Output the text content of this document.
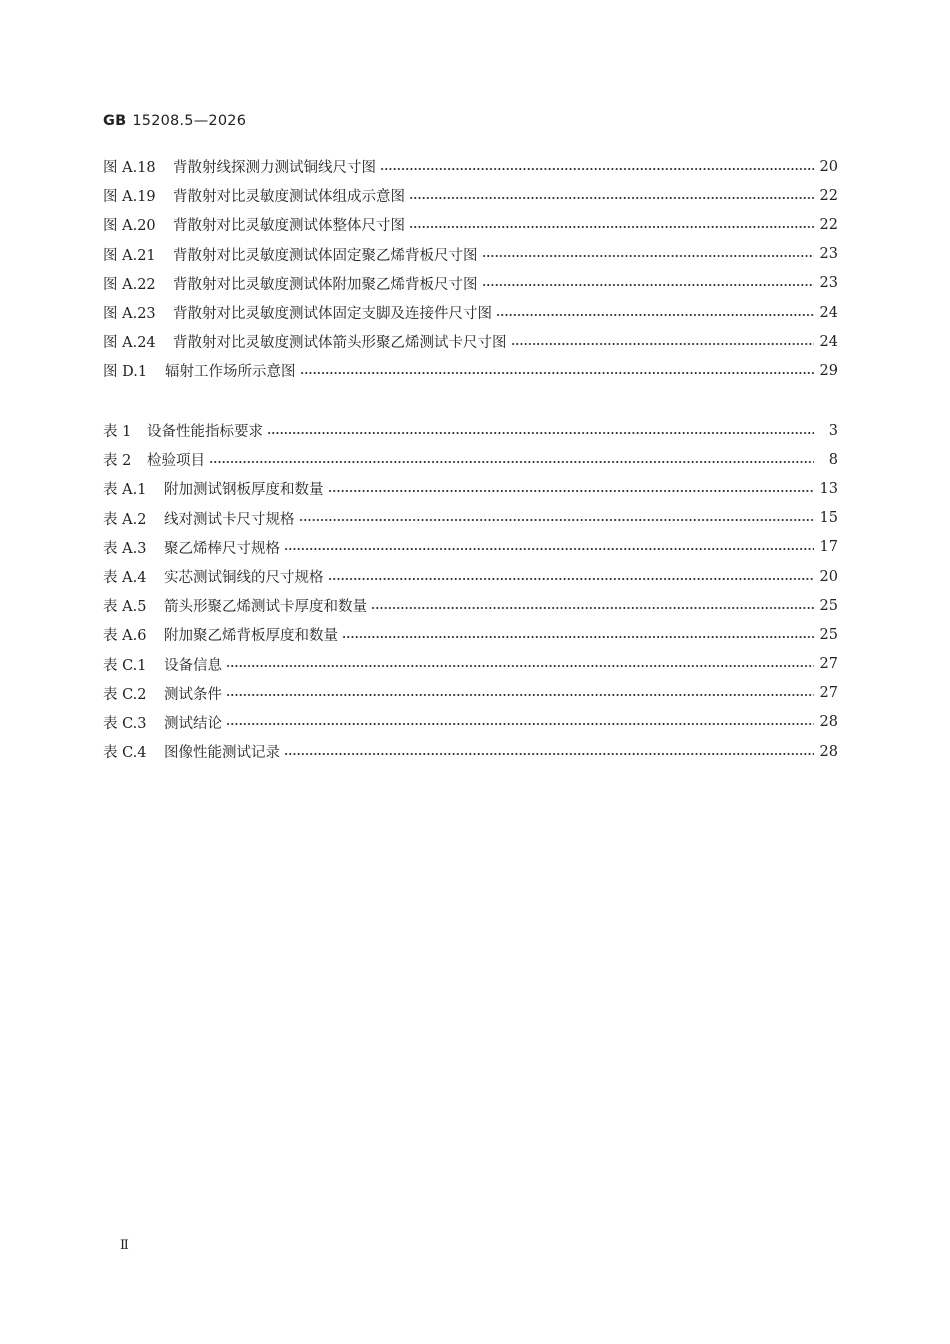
GB 15208.5—2026
图 A.18	背散射线探测力测试铜线尺寸图	20
图 A.19	背散射对比灵敏度测试体组成示意图	22
图 A.20	背散射对比灵敏度测试体整体尺寸图	22
图 A.21	背散射对比灵敏度测试体固定聚乙烯背板尺寸图	23
图 A.22	背散射对比灵敏度测试体附加聚乙烯背板尺寸图	23
图 A.23	背散射对比灵敏度测试体固定支脚及连接件尺寸图	24
图 A.24	背散射对比灵敏度测试体箭头形聚乙烯测试卡尺寸图	24
图 D.1	辐射工作场所示意图	29
表 1	设备性能指标要求	3
表 2	检验项目	8
表 A.1	附加测试钢板厚度和数量	13
表 A.2	线对测试卡尺寸规格	15
表 A.3	聚乙烯棒尺寸规格	17
表 A.4	实芯测试铜线的尺寸规格	20
表 A.5	箭头形聚乙烯测试卡厚度和数量	25
表 A.6	附加聚乙烯背板厚度和数量	25
表 C.1	设备信息	27
表 C.2	测试条件	27
表 C.3	测试结论	28
表 C.4	图像性能测试记录	28
Ⅱ
